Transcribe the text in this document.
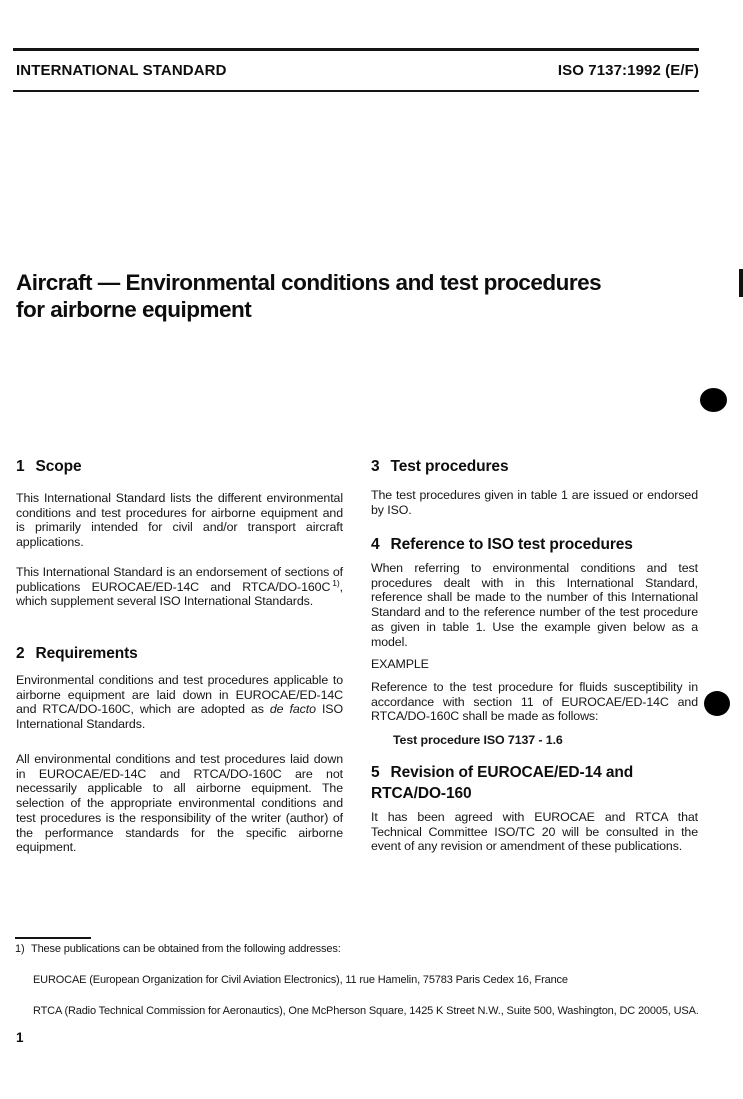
INTERNATIONAL STANDARD	ISO 7137:1992 (E/F)
Aircraft — Environmental conditions and test procedures
for airborne equipment
1 Scope

This International Standard lists the different environmental conditions and test procedures for airborne equipment and is primarily intended for civil and/or transport aircraft applications.

This International Standard is an endorsement of sections of publications EUROCAE/ED-14C and RTCA/DO-160C $^{1)}$, which supplement several ISO International Standards.

2 Requirements

Environmental conditions and test procedures applicable to airborne equipment are laid down in EUROCAE/ED-14C and RTCA/DO-160C, which are adopted as de facto ISO International Standards.

All environmental conditions and test procedures laid down in EUROCAE/ED-14C and RTCA/DO-160C are not necessarily applicable to all airborne equipment. The selection of the appropriate environmental conditions and test procedures is the responsibility of the writer (author) of the performance standards for the specific airborne equipment.

3 Test procedures

The test procedures given in table 1 are issued or endorsed by ISO.

4 Reference to ISO test procedures

When referring to environmental conditions and test procedures dealt with in this International Standard, reference shall be made to the number of this International Standard and to the reference number of the test procedure as given in table 1. Use the example given below as a model.

EXAMPLE

Reference to the test procedure for fluids susceptibility in accordance with section 11 of EUROCAE/ED-14C and RTCA/DO-160C shall be made as follows:

Test procedure ISO 7137 - 1.6

5 Revision of EUROCAE/ED-14 and RTCA/DO-160

It has been agreed with EUROCAE and RTCA that Technical Committee ISO/TC 20 will be consulted in the event of any revision or amendment of these publications.

1) These publications can be obtained from the following addresses:
EUROCAE (European Organization for Civil Aviation Electronics), 11 rue Hamelin, 75783 Paris Cedex 16, France
RTCA (Radio Technical Commission for Aeronautics), One McPherson Square, 1425 K Street N.W., Suite 500, Washington, DC 20005, USA.
1
